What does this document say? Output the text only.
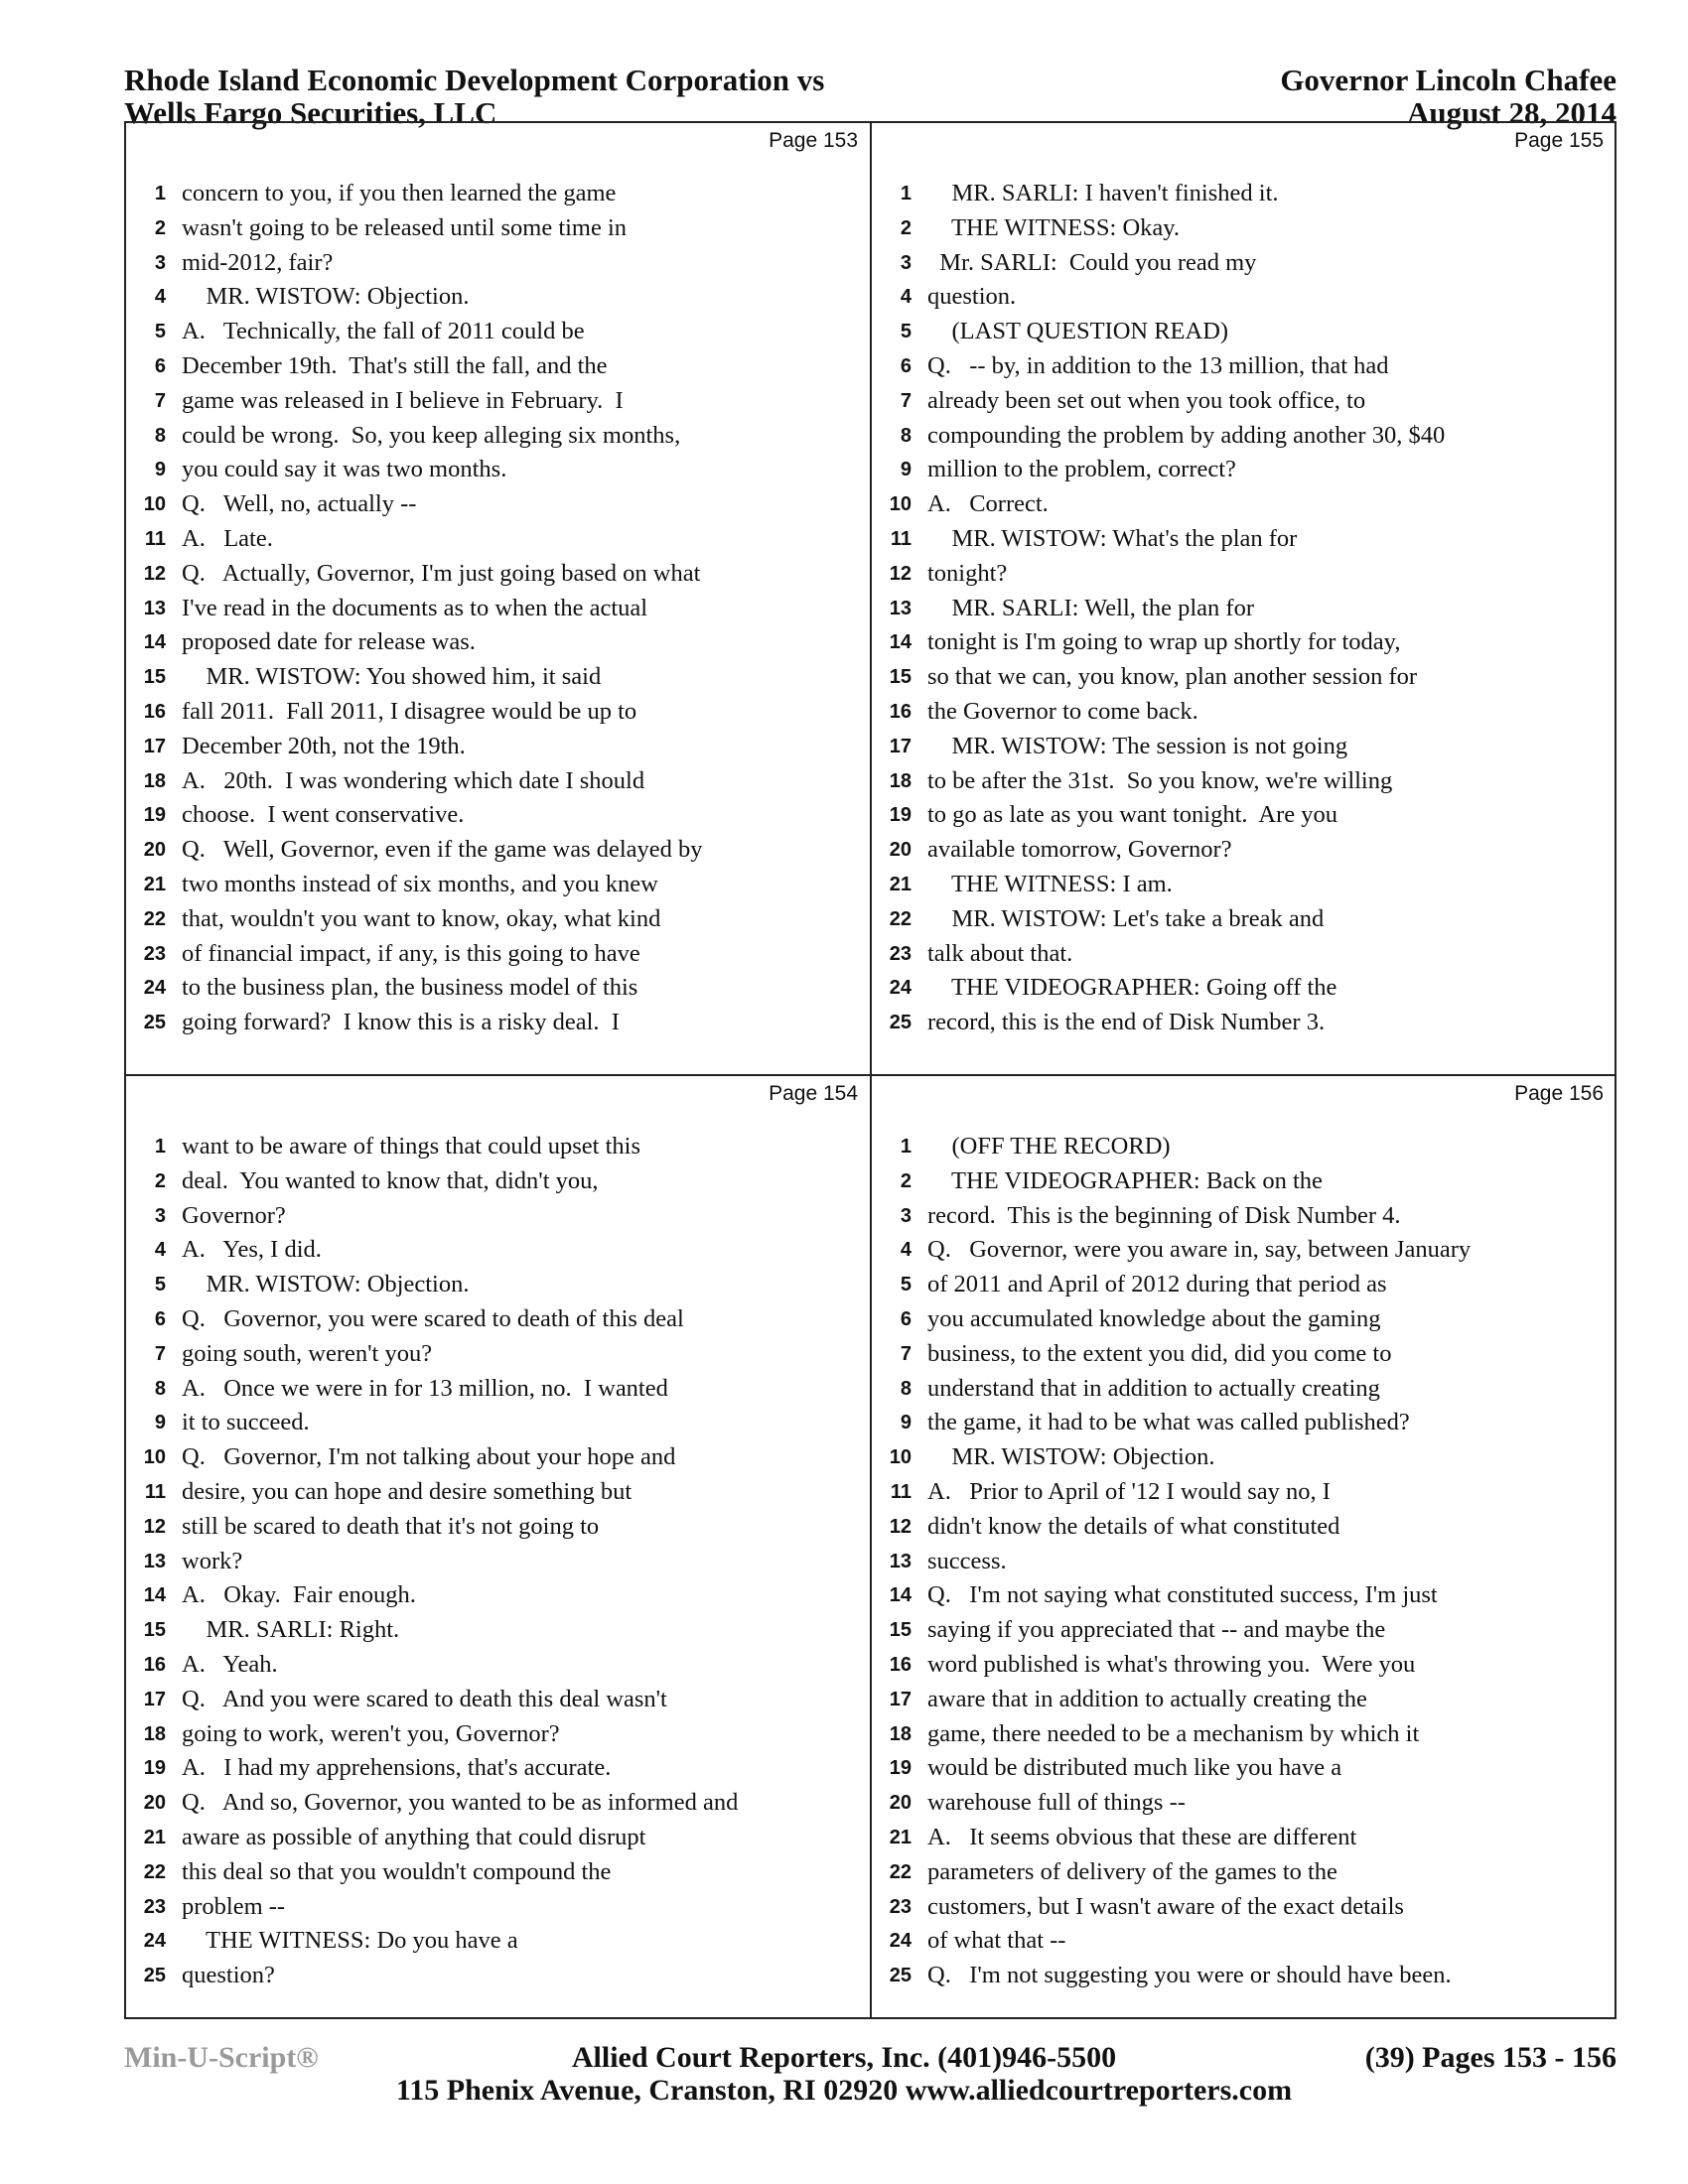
Rhode Island Economic Development Corporation vs
Wells Fargo Securities, LLC
Governor Lincoln Chafee
August 28, 2014
Page 153
1 concern to you, if you then learned the game
2 wasn't going to be released until some time in
3 mid-2012, fair?
4 MR. WISTOW: Objection.
5 A.   Technically, the fall of 2011 could be
6 December 19th.  That's still the fall, and the
7 game was released in I believe in February.  I
8 could be wrong.  So, you keep alleging six months,
9 you could say it was two months.
10 Q.   Well, no, actually --
11 A.   Late.
12 Q.   Actually, Governor, I'm just going based on what
13 I've read in the documents as to when the actual
14 proposed date for release was.
15 MR. WISTOW: You showed him, it said
16 fall 2011.  Fall 2011, I disagree would be up to
17 December 20th, not the 19th.
18 A.   20th.  I was wondering which date I should
19 choose.  I went conservative.
20 Q.   Well, Governor, even if the game was delayed by
21 two months instead of six months, and you knew
22 that, wouldn't you want to know, okay, what kind
23 of financial impact, if any, is this going to have
24 to the business plan, the business model of this
25 going forward?  I know this is a risky deal.  I
Page 155
1 MR. SARLI: I haven't finished it.
2 THE WITNESS: Okay.
3 Mr. SARLI:  Could you read my
4 question.
5 (LAST QUESTION READ)
6 Q.   -- by, in addition to the 13 million, that had
7 already been set out when you took office, to
8 compounding the problem by adding another 30, $40
9 million to the problem, correct?
10 A.   Correct.
11 MR. WISTOW: What's the plan for
12 tonight?
13 MR. SARLI: Well, the plan for
14 tonight is I'm going to wrap up shortly for today,
15 so that we can, you know, plan another session for
16 the Governor to come back.
17 MR. WISTOW: The session is not going
18 to be after the 31st.  So you know, we're willing
19 to go as late as you want tonight.  Are you
20 available tomorrow, Governor?
21 THE WITNESS: I am.
22 MR. WISTOW: Let's take a break and
23 talk about that.
24 THE VIDEOGRAPHER: Going off the
25 record, this is the end of Disk Number 3.
Page 154
1 want to be aware of things that could upset this
2 deal.  You wanted to know that, didn't you,
3 Governor?
4 A.   Yes, I did.
5 MR. WISTOW: Objection.
6 Q.   Governor, you were scared to death of this deal
7 going south, weren't you?
8 A.   Once we were in for 13 million, no.  I wanted
9 it to succeed.
10 Q.   Governor, I'm not talking about your hope and
11 desire, you can hope and desire something but
12 still be scared to death that it's not going to
13 work?
14 A.   Okay.  Fair enough.
15 MR. SARLI: Right.
16 A.   Yeah.
17 Q.   And you were scared to death this deal wasn't
18 going to work, weren't you, Governor?
19 A.   I had my apprehensions, that's accurate.
20 Q.   And so, Governor, you wanted to be as informed and
21 aware as possible of anything that could disrupt
22 this deal so that you wouldn't compound the
23 problem --
24 THE WITNESS: Do you have a
25 question?
Page 156
1 (OFF THE RECORD)
2 THE VIDEOGRAPHER: Back on the
3 record.  This is the beginning of Disk Number 4.
4 Q.   Governor, were you aware in, say, between January
5 of 2011 and April of 2012 during that period as
6 you accumulated knowledge about the gaming
7 business, to the extent you did, did you come to
8 understand that in addition to actually creating
9 the game, it had to be what was called published?
10 MR. WISTOW: Objection.
11 A.   Prior to April of '12 I would say no, I
12 didn't know the details of what constituted
13 success.
14 Q.   I'm not saying what constituted success, I'm just
15 saying if you appreciated that -- and maybe the
16 word published is what's throwing you.  Were you
17 aware that in addition to actually creating the
18 game, there needed to be a mechanism by which it
19 would be distributed much like you have a
20 warehouse full of things --
21 A.   It seems obvious that these are different
22 parameters of delivery of the games to the
23 customers, but I wasn't aware of the exact details
24 of what that --
25 Q.   I'm not suggesting you were or should have been.
Min-U-Script®	Allied Court Reporters, Inc. (401)946-5500	(39) Pages 153 - 156
115 Phenix Avenue, Cranston, RI 02920 www.alliedcourtreporters.com
